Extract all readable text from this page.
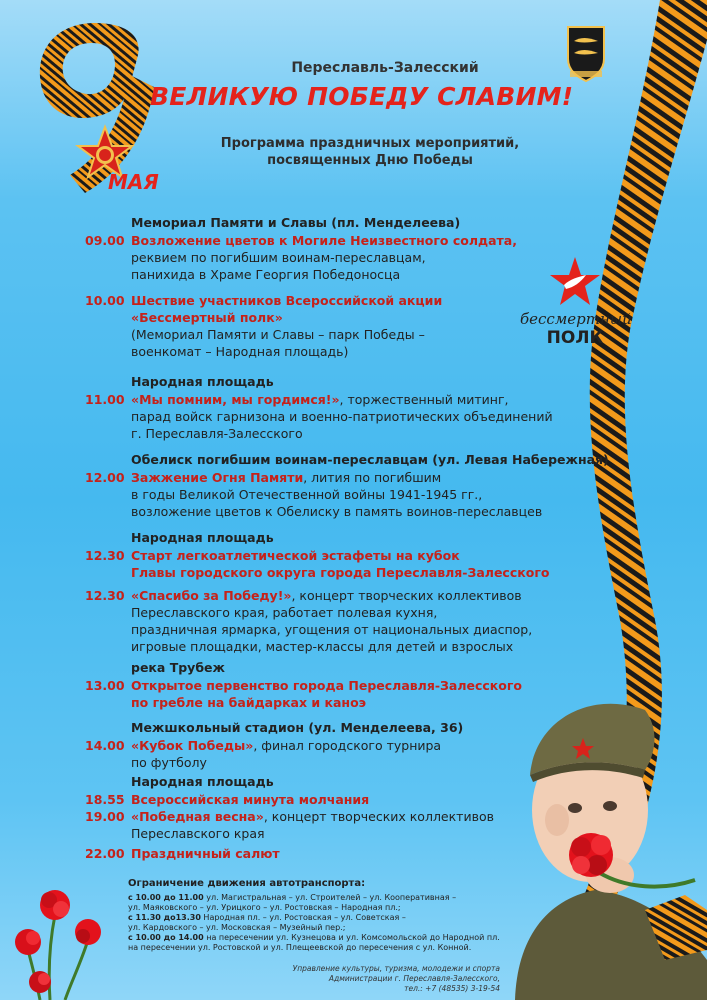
МАЯ
Переславль-Залесский
ВЕЛИКУЮ ПОБЕДУ СЛАВИМ!
Программа праздничных мероприятий,
посвященных Дню Победы
бессмертный
ПОЛК
Мемориал Памяти и Славы (пл. Менделеева)
09.00 Возложение цветов к Могиле Неизвестного солдата,
реквием по погибшим воинам-переславцам,
панихида в Храме Георгия Победоносца
10.00 Шествие участников Всероссийской акции
«Бессмертный полк»
(Мемориал Памяти и Славы – парк Победы –
военкомат – Народная площадь)
Народная площадь
11.00 «Мы помним, мы гордимся!», торжественный митинг,
парад войск гарнизона и военно-патриотических объединений
г. Переславля-Залесского
Обелиск погибшим воинам-переславцам (ул. Левая Набережная)
12.00 Зажжение Огня Памяти, лития по погибшим
в годы Великой Отечественной войны 1941-1945 гг.,
возложение цветов к Обелиску в память воинов-переславцев
Народная площадь
12.30 Старт легкоатлетической эстафеты на кубок
Главы городского округа города Переславля-Залесского
12.30 «Спасибо за Победу!», концерт творческих коллективов
Переславского края, работает полевая кухня,
праздничная ярмарка, угощения от национальных диаспор,
игровые площадки, мастер-классы для детей и взрослых
река Трубеж
13.00 Открытое первенство города Переславля-Залесского
по гребле на байдарках и каноэ
Межшкольный стадион (ул. Менделеева, 36)
14.00 «Кубок Победы», финал городского турнира
по футболу
Народная площадь
18.55 Всероссийская минута молчания
19.00 «Победная весна», концерт творческих коллективов
Переславского края
22.00 Праздничный салют
Ограничение движения автотранспорта:
с 10.00 до 11.00 ул. Магистральная – ул. Строителей – ул. Кооперативная –
ул. Маяковского – ул. Урицкого – ул. Ростовская – Народная пл.;
с 11.30 до13.30 Народная пл. – ул. Ростовская – ул. Советская –
ул. Кардовского – ул. Московская – Музейный пер.;
с 10.00 до 14.00 на пересечении ул. Кузнецова и ул. Комсомольской до Народной пл.
на пересечении ул. Ростовской и ул. Плещеевской до пересечения с ул. Конной.
Управление культуры, туризма, молодежи и спорта
Администрации г. Переславля-Залесского,
тел.: +7 (48535) 3-19-54
